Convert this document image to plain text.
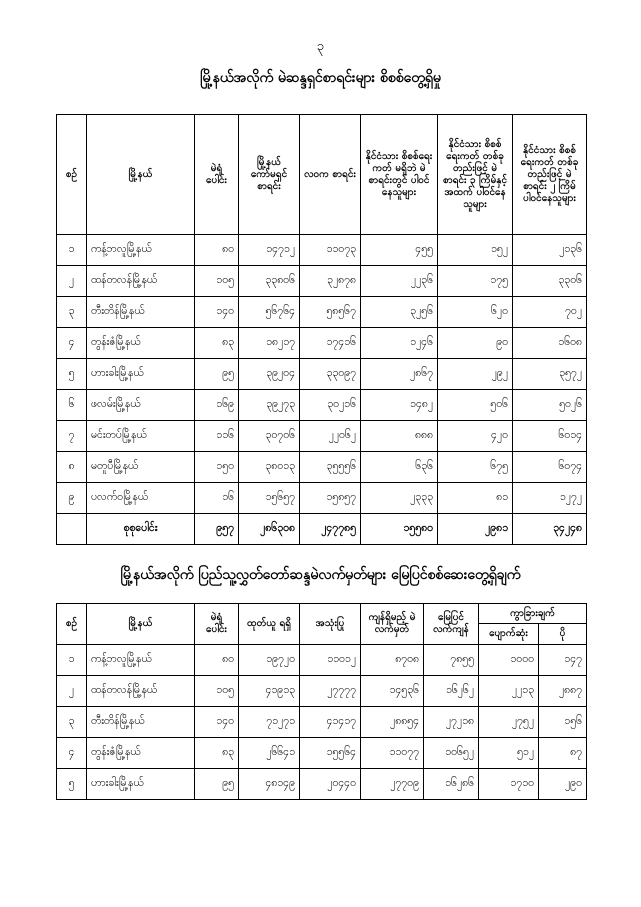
၃
မြို့နယ်အလိုက် မဲဆန္ဒရှင်စာရင်းများ စိစစ်တွေ့ရှိမှု
စဉ်	မြို့နယ်	မဲရုံ ပေါင်း	မြို့နယ် ကော်မရှင် စာရင်း	လဝက စာရင်း	နိုင်ငံသား စိစစ်ရေးကတ် မရှိဘဲ မဲစာရင်းတွင် ပါဝင်နေသူများ	နိုင်ငံသား စိစစ်ရေးကတ် တစ်ခုတည်းဖြင့် မဲစာရင်း ၃ ကြိမ်နှင့်အထက် ပါဝင်နေသူများ	နိုင်ငံသား စိစစ်ရေးကတ် တစ်ခုတည်းဖြင့် မဲစာရင်း ၂ ကြိမ် ပါဝင်နေသူများ
၁	ကန့်ဘလူမြို့နယ်	၈၀	၁၄၇၁၂	၁၁၀၇၃	၄၅၅	၁၅၂	၂၁၃၆
၂	ထန်တလန်မြို့နယ်	၁၀၅	၃၃၈၀၆	၃၂၈၇၈	၂၂၃၆	၁၇၅	၃၃၀၆
၃	တီးတိန်မြို့နယ်	၁၄၀	၅၆၇၆၄	၅၈၅၆၇	၃၂၅၆	၆၂၀	၇၀၂
၄	တွန်းဇံမြို့နယ်	၈၃	၁၈၂၁၇	၁၇၄၁၆	၁၂၄၆	၉၀	၁၆၀၈
၅	ဟားခါးမြို့နယ်	၉၅	၃၉၂၀၄	၃၃၀၉၇	၂၈၆၇	၂၉၂	၃၅၇၂
၆	ဖလမ်းမြို့နယ်	၁၆၉	၃၉၂၇၃	၃၀၂၁၆	၁၄၈၂	၅၀၆	၅၀၂၆
၇	မင်းတပ်မြို့နယ်	၁၁၆	၃၀၇၀၆	၂၂၀၆၂	၈၈၈	၄၂၀	၆၀၁၄
၈	မတူပီမြို့နယ်	၁၅၀	၃၈၀၁၃	၃၅၅၅၆	၆၃၆	၆၇၅	၆၀၇၄
၉	ပလက်ဝမြို့နယ်	၁၆	၁၅၆၅၇	၁၅၈၅၇	၂၃၃၃	၈၁	၁၂၇၂
	စုစုပေါင်း	၉၅၇	၂၈၆၃၀၈	၂၄၇၇၈၅	၁၅၅၈၀	၂၉၈၁	၃၄၂၄၈
မြို့နယ်အလိုက် ပြည်သူ့လွှတ်တော်ဆန္ဒမဲလက်မှတ်များ မြေပြင်စစ်ဆေးတွေ့ရှိချက်
စဉ်	မြို့နယ်	မဲရုံ ပေါင်း	ထုတ်ယူ ရရှိ	အသုံးပြု	ကျန်ရှိမည့် မဲလက်မှတ်	မြေပြင် လက်ကျန်	ကွာခြားချက်	
							ပျောက်ဆုံး	ပို
၁	ကန့်ဘလူမြို့နယ်	၈၀	၁၉၇၂၀	၁၁၀၁၂	၈၇၀၈	၇၈၅၅	၁၀၀၀	၁၄၇
၂	ထန်တလန်မြို့နယ်	၁၀၅	၄၁၉၁၃	၂၇၇၇၇	၁၄၅၃၆	၁၆၂၆၂	၂၂၁၃	၂၈၈၇
၃	တီးတိန်မြို့နယ်	၁၄၀	၇၁၂၇၁	၄၁၄၁၇	၂၈၈၅၄	၂၇၂၁၈	၂၇၅၂	၁၅၆
၄	တွန်းဇံမြို့နယ်	၈၃	၂၆၆၄၁	၁၅၅၆၄	၁၁၀၇၇	၁၀၆၅၂	၅၁၂	၈၇
၅	ဟားခါးမြို့နယ်	၉၅	၄၈၁၄၉	၂၀၄၄၀	၂၇၇၀၉	၁၆၂၈၆	၁၇၁၀	၂၉၀
